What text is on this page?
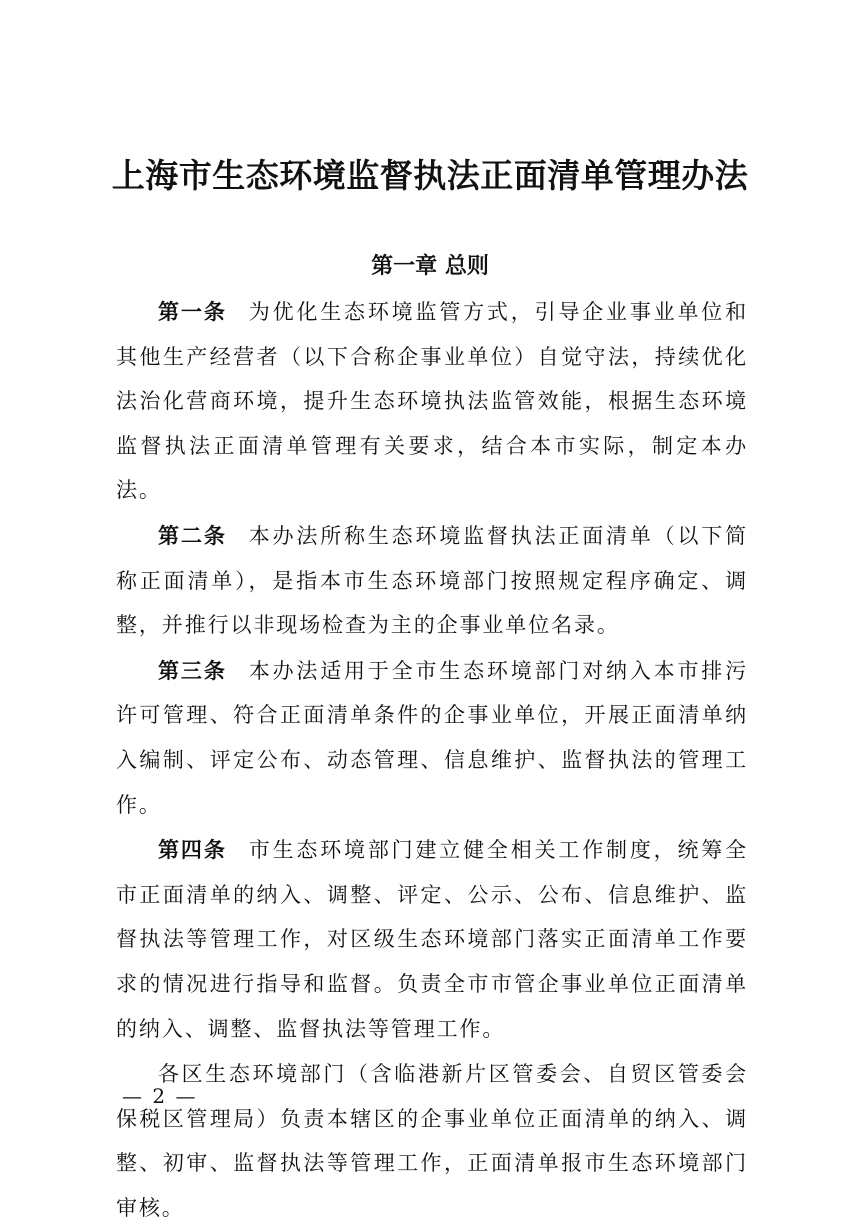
上海市生态环境监督执法正面清单管理办法
第一章 总则

第一条 为优化生态环境监管方式，引导企业事业单位和其他生产经营者（以下合称企事业单位）自觉守法，持续优化法治化营商环境，提升生态环境执法监管效能，根据生态环境监督执法正面清单管理有关要求，结合本市实际，制定本办法。

第二条 本办法所称生态环境监督执法正面清单（以下简称正面清单），是指本市生态环境部门按照规定程序确定、调整，并推行以非现场检查为主的企事业单位名录。

第三条 本办法适用于全市生态环境部门对纳入本市排污许可管理、符合正面清单条件的企事业单位，开展正面清单纳入编制、评定公布、动态管理、信息维护、监督执法的管理工作。

第四条 市生态环境部门建立健全相关工作制度，统筹全市正面清单的纳入、调整、评定、公示、公布、信息维护、监督执法等管理工作，对区级生态环境部门落实正面清单工作要求的情况进行指导和监督。负责全市市管企事业单位正面清单的纳入、调整、监督执法等管理工作。

各区生态环境部门（含临港新片区管委会、自贸区管委会保税区管理局）负责本辖区的企事业单位正面清单的纳入、调整、初审、监督执法等管理工作，正面清单报市生态环境部门审核。

— 2 —
